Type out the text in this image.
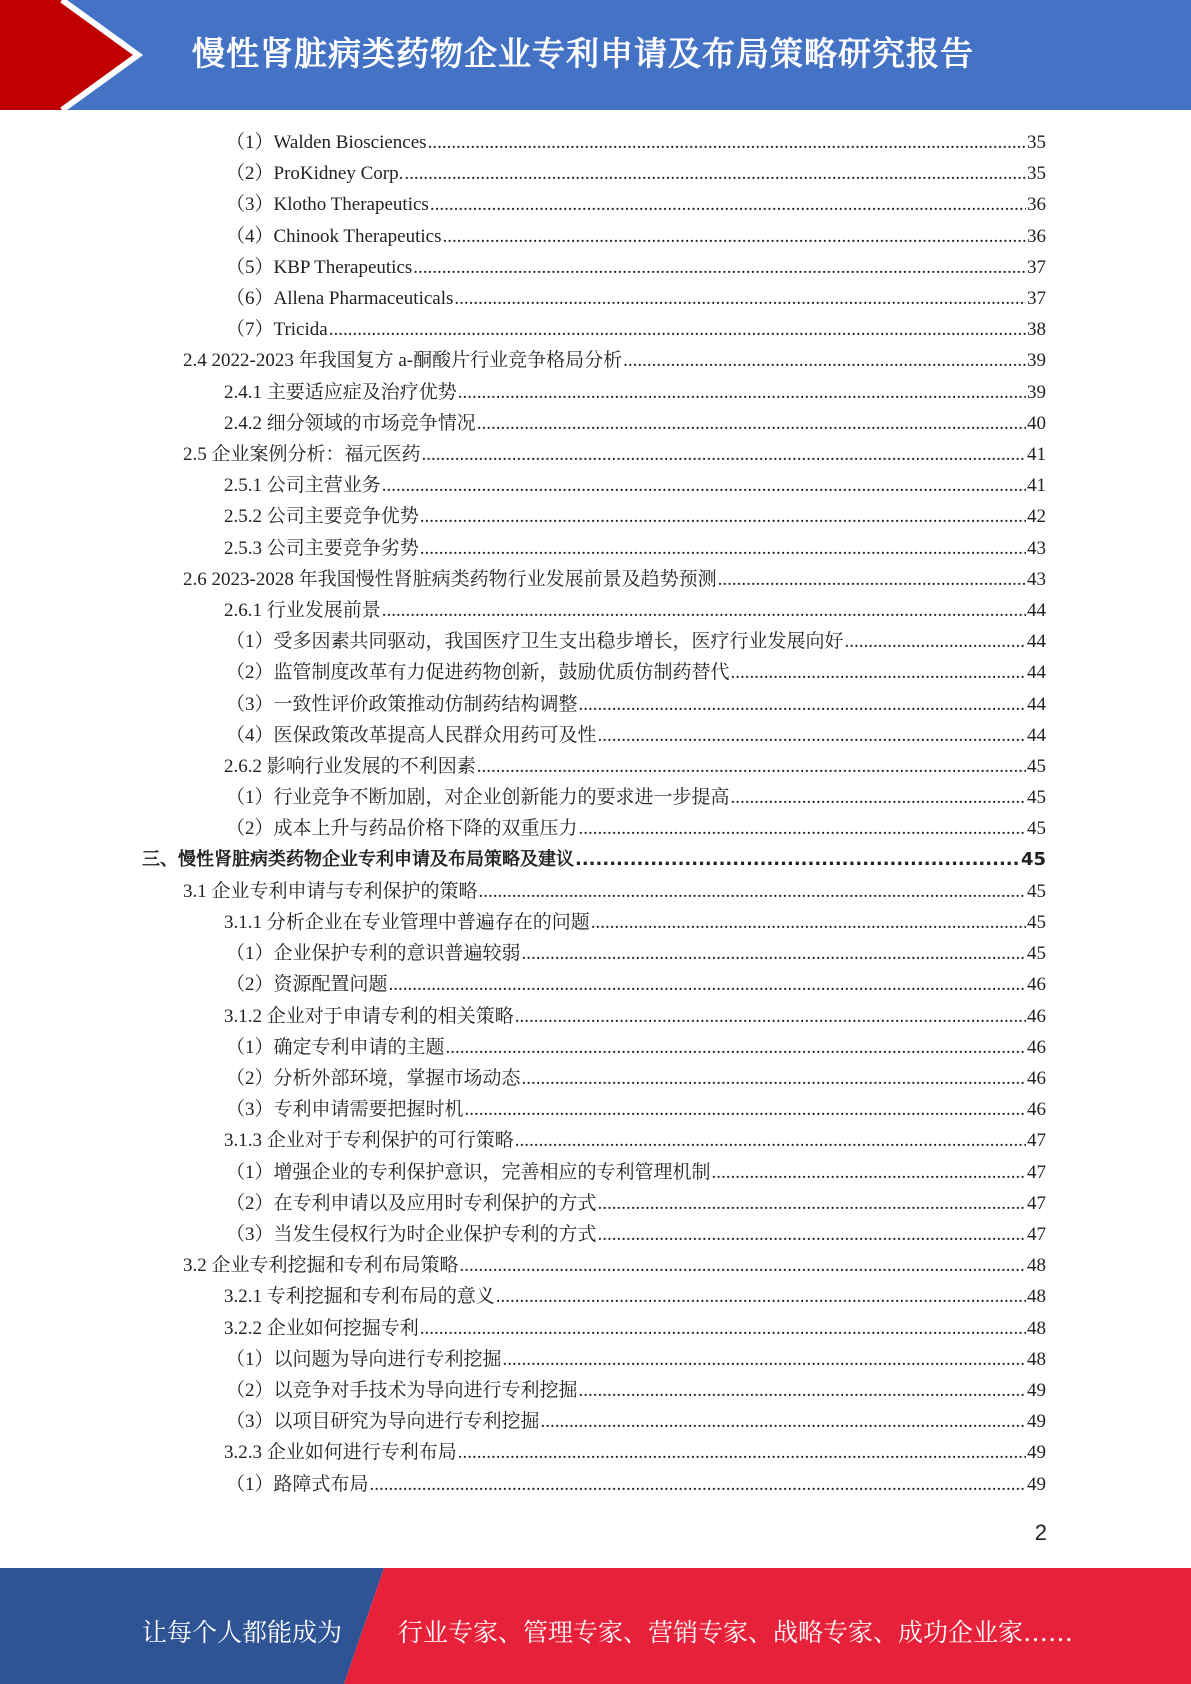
慢性肾脏病类药物企业专利申请及布局策略研究报告
（1）Walden Biosciences .....	35
（2）ProKidney Corp. .....	35
（3）Klotho Therapeutics .....	36
（4）Chinook Therapeutics .....	36
（5）KBP Therapeutics .....	37
（6）Allena Pharmaceuticals .....	37
（7）Tricida .....	38
2.4 2022-2023 年我国复方 a-酮酸片行业竞争格局分析 .....	39
2.4.1 主要适应症及治疗优势 .....	39
2.4.2 细分领域的市场竞争情况 .....	40
2.5 企业案例分析：福元医药 .....	41
2.5.1 公司主营业务 .....	41
2.5.2 公司主要竞争优势 .....	42
2.5.3 公司主要竞争劣势 .....	43
2.6 2023-2028 年我国慢性肾脏病类药物行业发展前景及趋势预测 .....	43
2.6.1 行业发展前景 .....	44
（1）受多因素共同驱动，我国医疗卫生支出稳步增长，医疗行业发展向好 .....	44
（2）监管制度改革有力促进药物创新，鼓励优质仿制药替代 .....	44
（3）一致性评价政策推动仿制药结构调整 .....	44
（4）医保政策改革提高人民群众用药可及性 .....	44
2.6.2 影响行业发展的不利因素 .....	45
（1）行业竞争不断加剧，对企业创新能力的要求进一步提高 .....	45
（2）成本上升与药品价格下降的双重压力 .....	45
三、慢性肾脏病类药物企业专利申请及布局策略及建议 .....	45
3.1 企业专利申请与专利保护的策略 .....	45
3.1.1 分析企业在专业管理中普遍存在的问题 .....	45
（1）企业保护专利的意识普遍较弱 .....	45
（2）资源配置问题 .....	46
3.1.2 企业对于申请专利的相关策略 .....	46
（1）确定专利申请的主题 .....	46
（2）分析外部环境，掌握市场动态 .....	46
（3）专利申请需要把握时机 .....	46
3.1.3 企业对于专利保护的可行策略 .....	47
（1）增强企业的专利保护意识，完善相应的专利管理机制 .....	47
（2）在专利申请以及应用时专利保护的方式 .....	47
（3）当发生侵权行为时企业保护专利的方式 .....	47
3.2 企业专利挖掘和专利布局策略 .....	48
3.2.1 专利挖掘和专利布局的意义 .....	48
3.2.2 企业如何挖掘专利 .....	48
（1）以问题为导向进行专利挖掘 .....	48
（2）以竞争对手技术为导向进行专利挖掘 .....	49
（3）以项目研究为导向进行专利挖掘 .....	49
3.2.3 企业如何进行专利布局 .....	49
（1）路障式布局 .....	49
2
让每个人都能成为 行业专家、管理专家、营销专家、战略专家、成功企业家……
